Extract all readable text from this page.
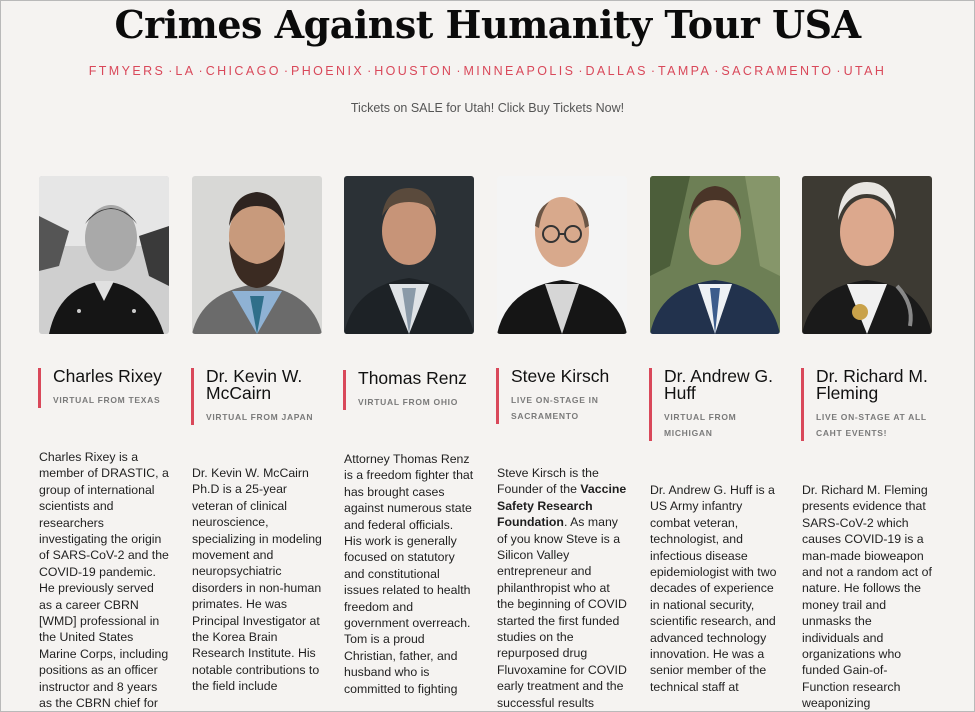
Crimes Against Humanity Tour USA
FTMYERS · LA · CHICAGO · PHOENIX · HOUSTON · MINNEAPOLIS · DALLAS · TAMPA · SACRAMENTO · UTAH
Tickets on SALE for Utah! Click Buy Tickets Now!

Charles Rixey

VIRTUAL FROM TEXAS
Charles Rixey is a member of DRASTIC, a group of international scientists and researchers investigating the origin of SARS-CoV-2 and the COVID-19 pandemic. He previously served as a career CBRN [WMD] professional in the United States Marine Corps, including positions as an officer instructor and 8 years as the CBRN chief for

Dr. Kevin W. McCairn

VIRTUAL FROM JAPAN
Dr. Kevin W. McCairn Ph.D is a 25-year veteran of clinical neuroscience, specializing in modeling movement and neuropsychiatric disorders in non-human primates. He was Principal Investigator at the Korea Brain Research Institute. His notable contributions to the field include

Thomas Renz

VIRTUAL FROM OHIO
Attorney Thomas Renz is a freedom fighter that has brought cases against numerous state and federal officials. His work is generally focused on statutory and constitutional issues related to health freedom and government overreach. Tom is a proud Christian, father, and husband who is committed to fighting

Steve Kirsch

LIVE ON-STAGE IN SACRAMENTO
Steve Kirsch is the Founder of the Vaccine Safety Research Foundation. As many of you know Steve is a Silicon Valley entrepreneur and philanthropist who at the beginning of COVID started the first funded studies on the repurposed drug Fluvoxamine for COVID early treatment and the successful results

Dr. Andrew G. Huff

VIRTUAL FROM MICHIGAN
Dr. Andrew G. Huff is a US Army infantry combat veteran, technologist, and infectious disease epidemiologist with two decades of experience in national security, scientific research, and advanced technology innovation. He was a senior member of the technical staff at

Dr. Richard M. Fleming

LIVE ON-STAGE AT ALL CAHT EVENTS!
Dr. Richard M. Fleming presents evidence that SARS-CoV-2 which causes COVID-19 is a man-made bioweapon and not a random act of nature. He follows the money trail and unmasks the individuals and organizations who funded Gain-of-Function research weaponizing
